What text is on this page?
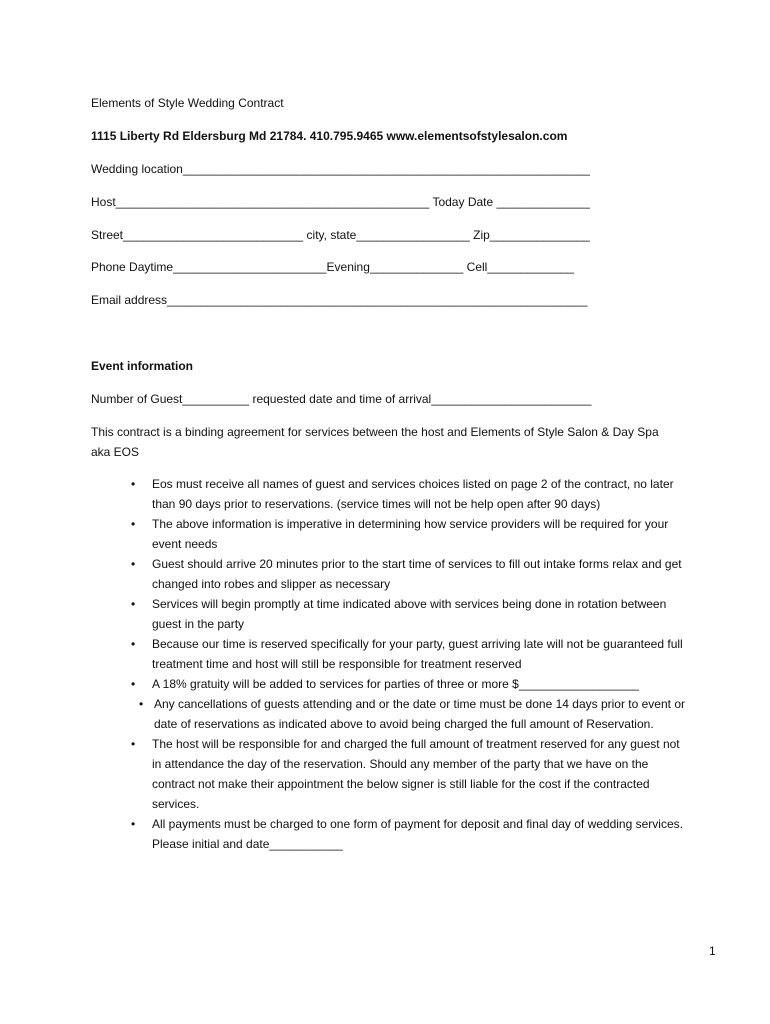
Elements of Style Wedding Contract
1115 Liberty Rd Eldersburg Md 21784. 410.795.9465 www.elementsofstylesalon.com
Wedding location_____________________________________________________________
Host_______________________________________________ Today Date ______________
Street___________________________ city, state_________________ Zip_______________
Phone Daytime_______________________Evening______________ Cell_____________
Email address_______________________________________________________________
Event information
Number of Guest__________ requested date and time of arrival________________________
This contract is a binding agreement for services between the host and Elements of Style Salon & Day Spa aka EOS
• Eos must receive all names of guest and services choices listed on page 2 of the contract, no later than 90 days prior to reservations. (service times will not be help open after 90 days)
• The above information is imperative in determining how service providers will be required for your event needs
• Guest should arrive 20 minutes prior to the start time of services to fill out intake forms relax and get changed into robes and slipper as necessary
• Services will begin promptly at time indicated above with services being done in rotation between guest in the party
• Because our time is reserved specifically for your party, guest arriving late will not be guaranteed full treatment time and host will still be responsible for treatment reserved
• A 18% gratuity will be added to services for parties of three or more $__________________
• Any cancellations of guests attending and or the date or time must be done 14 days prior to event or date of reservations as indicated above to avoid being charged the full amount of Reservation.
• The host will be responsible for and charged the full amount of treatment reserved for any guest not in attendance the day of the reservation. Should any member of the party that we have on the contract not make their appointment the below signer is still liable for the cost if the contracted services.
• All payments must be charged to one form of payment for deposit and final day of wedding services. Please initial and date___________
1
